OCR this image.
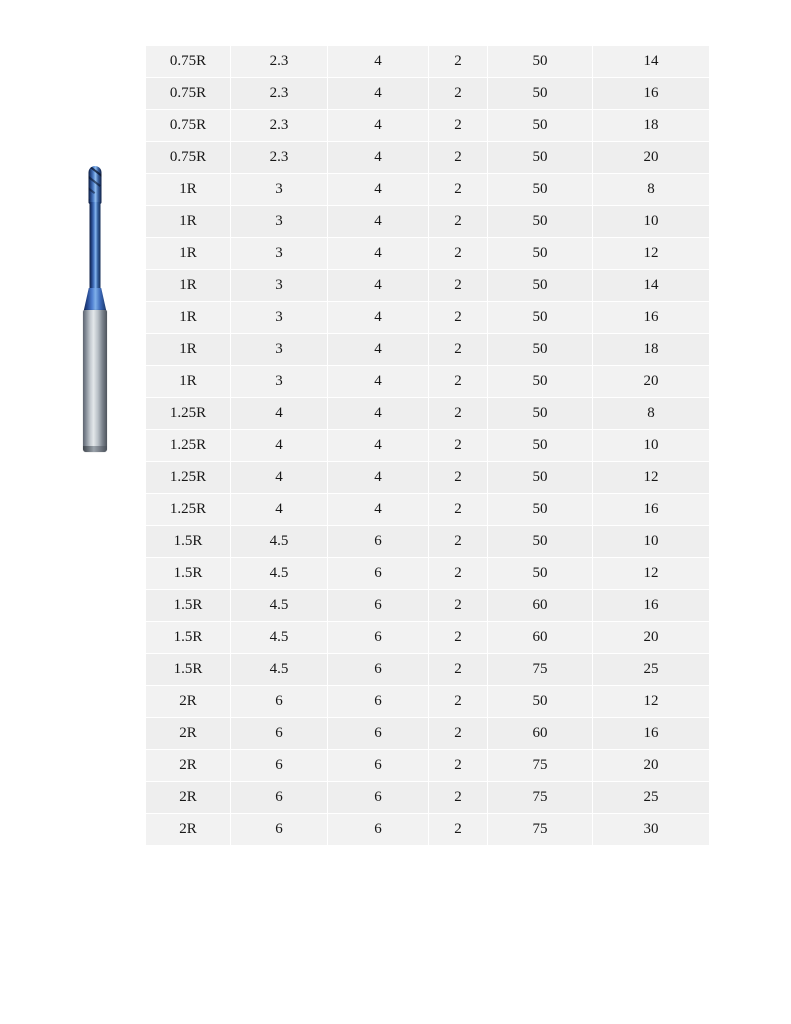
0.75R	2.3	4	2	50	14
0.75R	2.3	4	2	50	16
0.75R	2.3	4	2	50	18
0.75R	2.3	4	2	50	20
1R	3	4	2	50	8
1R	3	4	2	50	10
1R	3	4	2	50	12
1R	3	4	2	50	14
1R	3	4	2	50	16
1R	3	4	2	50	18
1R	3	4	2	50	20
1.25R	4	4	2	50	8
1.25R	4	4	2	50	10
1.25R	4	4	2	50	12
1.25R	4	4	2	50	16
1.5R	4.5	6	2	50	10
1.5R	4.5	6	2	50	12
1.5R	4.5	6	2	60	16
1.5R	4.5	6	2	60	20
1.5R	4.5	6	2	75	25
2R	6	6	2	50	12
2R	6	6	2	60	16
2R	6	6	2	75	20
2R	6	6	2	75	25
2R	6	6	2	75	30
